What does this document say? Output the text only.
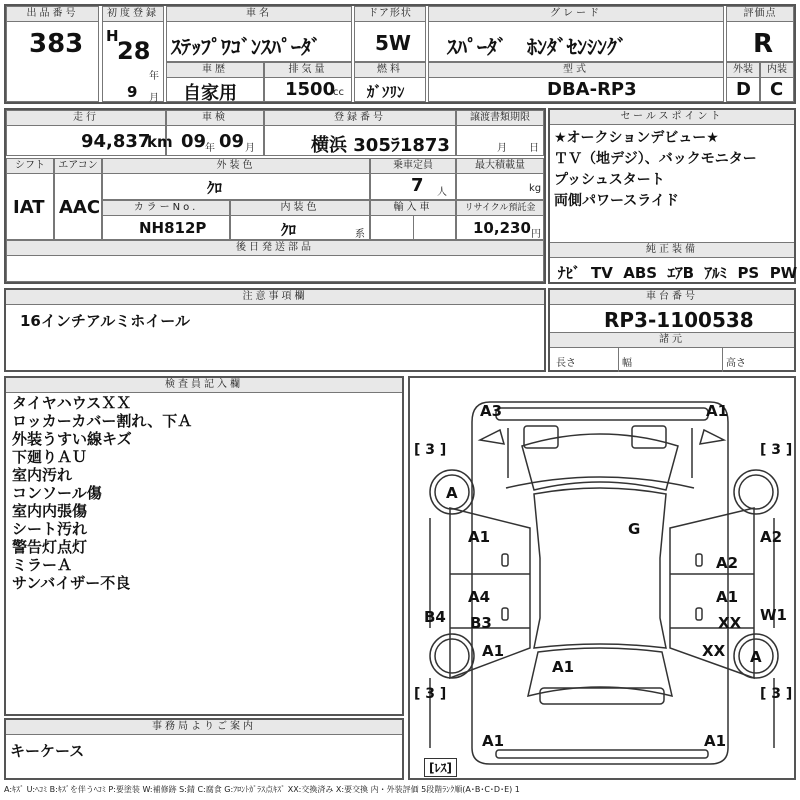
出品番号
383
初度登録
H
28
年
9 月
車名
ｽﾃｯﾌﾟﾜｺﾞﾝｽﾊﾟｰﾀﾞ
ドア形状
5W
グレード
ｽﾊﾟｰﾀﾞ　ﾎﾝﾀﾞｾﾝｼﾝｸﾞ
評価点
R
車歴
自家用
排気量
1500
cc
燃料
ｶﾞｿﾘﾝ
型式
DBA-RP3
外装
D
内装
C
走行
94,837
km
車検
09
年 09 月
登録番号
横浜 305ﾗ1873
譲渡書類期限
月 日
シフト
IAT
エアコン
AAC
外装色
ｸﾛ
乗車定員
7 人
最大積載量
kg
カラーNo.
NH812P
内装色
ｸﾛ	系
輸入車	リサイクル預託金
10,230 円
後日発送部品
セールスポイント
★オークションデビュー★
ＴＶ（地デジ）、バックモニター
プッシュスタート
両側パワースライド
純正装備
ﾅﾋﾞ TV ABS ｴｱB ｱﾙﾐ PS PW
注意事項欄
16インチアルミホイール
車台番号
RP3-1100538
諸元
長さ	幅	高さ
検査員記入欄
タイヤハウスＸＸ
ロッカーカバー割れ、下Ａ
外装うすい線キズ
下廻りＡＵ
室内汚れ
コンソール傷
室内内張傷
シート汚れ
警告灯点灯
ミラーＡ
サンバイザー不良
事務局よりご案内
キーケース
A3	A1
G
A1	A2
A2
A4
B3
A1
B4	W1
XX
A1
A1
XX
A
A
A1	A1
[ 3 ]	[ 3 ]
[ 3 ]	[ 3 ]
[ﾚｽ]
A:ｷｽﾞ U:ﾍｺﾐ B:ｷｽﾞを伴うﾍｺﾐ P:要塗装 W:補修跡 S:錆 C:腐食 G:ﾌﾛﾝﾄｶﾞﾗｽ点ｷｽﾞ XX:交換済み X:要交換 内・外装評価 5段階ﾗﾝｸ順(A･B･C･D･E) 1
